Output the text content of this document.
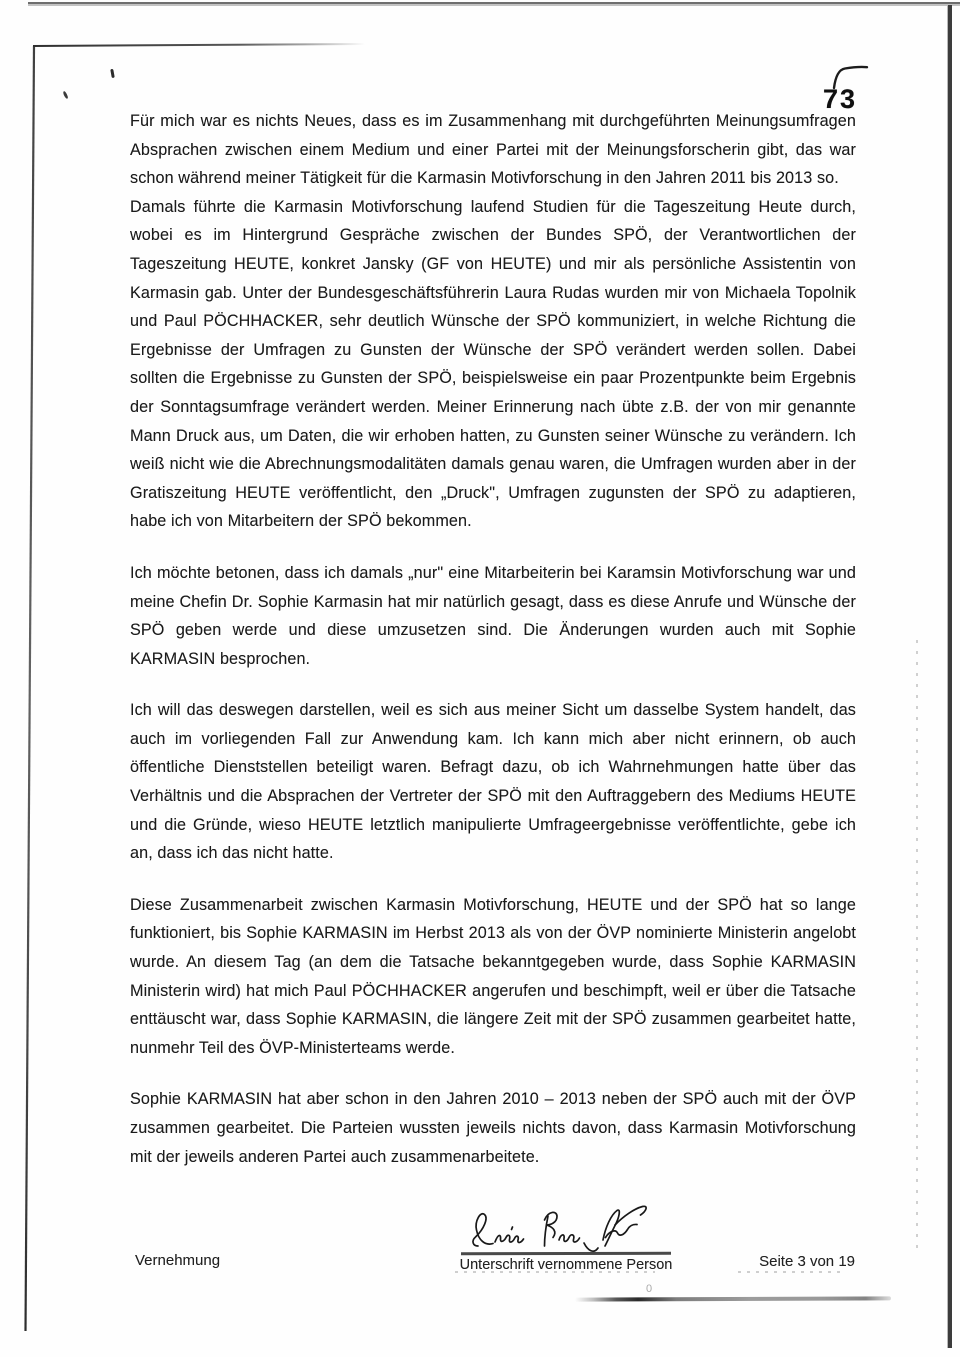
73

Für mich war es nichts Neues, dass es im Zusammenhang mit durchgeführten Meinungsumfragen Absprachen zwischen einem Medium und einer Partei mit der Meinungsforscherin gibt, das war schon während meiner Tätigkeit für die Karmasin Motivforschung in den Jahren 2011 bis 2013 so.

Damals führte die Karmasin Motivforschung laufend Studien für die Tageszeitung Heute durch, wobei es im Hintergrund Gespräche zwischen der Bundes SPÖ, der Verantwortlichen der Tageszeitung HEUTE, konkret Jansky (GF von HEUTE) und mir als persönliche Assistentin von Karmasin gab. Unter der Bundesgeschäftsführerin Laura Rudas wurden mir von Michaela Topolnik und Paul PÖCHHACKER, sehr deutlich Wünsche der SPÖ kommuniziert, in welche Richtung die Ergebnisse der Umfragen zu Gunsten der Wünsche der SPÖ verändert werden sollen. Dabei sollten die Ergebnisse zu Gunsten der SPÖ, beispielsweise ein paar Prozentpunkte beim Ergebnis der Sonntagsumfrage verändert werden. Meiner Erinnerung nach übte z.B. der von mir genannte Mann Druck aus, um Daten, die wir erhoben hatten, zu Gunsten seiner Wünsche zu verändern. Ich weiß nicht wie die Abrechnungsmodalitäten damals genau waren, die Umfragen wurden aber in der Gratiszeitung HEUTE veröffentlicht, den „Druck", Umfragen zugunsten der SPÖ zu adaptieren, habe ich von Mitarbeitern der SPÖ bekommen.

Ich möchte betonen, dass ich damals „nur" eine Mitarbeiterin bei Karamsin Motivforschung war und meine Chefin Dr. Sophie Karmasin hat mir natürlich gesagt, dass es diese Anrufe und Wünsche der SPÖ geben werde und diese umzusetzen sind. Die Änderungen wurden auch mit Sophie KARMASIN besprochen.

Ich will das deswegen darstellen, weil es sich aus meiner Sicht um dasselbe System handelt, das auch im vorliegenden Fall zur Anwendung kam. Ich kann mich aber nicht erinnern, ob auch öffentliche Dienststellen beteiligt waren. Befragt dazu, ob ich Wahrnehmungen hatte über das Verhältnis und die Absprachen der Vertreter der SPÖ mit den Auftraggebern des Mediums HEUTE und die Gründe, wieso HEUTE letztlich manipulierte Umfrageergebnisse veröffentlichte, gebe ich an, dass ich das nicht hatte.

Diese Zusammenarbeit zwischen Karmasin Motivforschung, HEUTE und der SPÖ hat so lange funktioniert, bis Sophie KARMASIN im Herbst 2013 als von der ÖVP nominierte Ministerin angelobt wurde. An diesem Tag (an dem die Tatsache bekanntgegeben wurde, dass Sophie KARMASIN Ministerin wird) hat mich Paul PÖCHHACKER angerufen und beschimpft, weil er über die Tatsache enttäuscht war, dass Sophie KARMASIN, die längere Zeit mit der SPÖ zusammen gearbeitet hatte, nunmehr Teil des ÖVP-Ministerteams werde.

Sophie KARMASIN hat aber schon in den Jahren 2010 – 2013 neben der SPÖ auch mit der ÖVP zusammen gearbeitet. Die Parteien wussten jeweils nichts davon, dass Karmasin Motivforschung mit der jeweils anderen Partei auch zusammenarbeitete.

Vernehmung	Unterschrift vernommene Person	Seite 3 von 19
0
